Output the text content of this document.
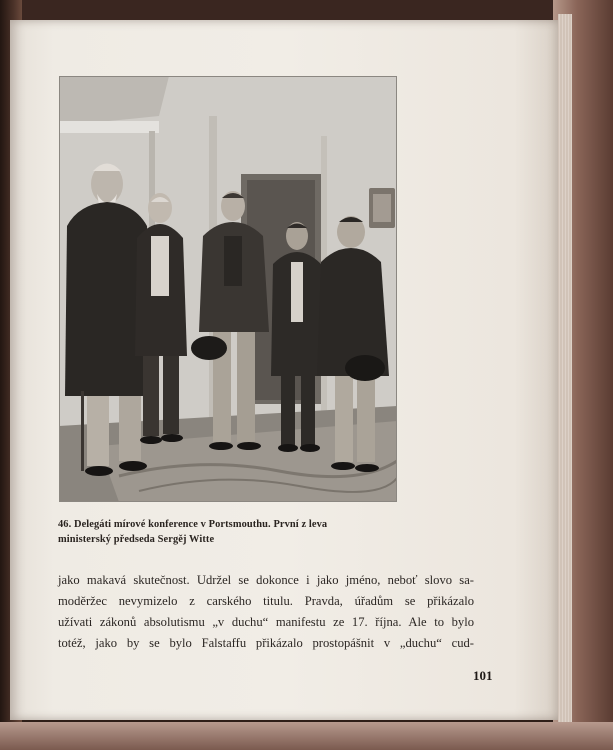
46. Delegáti mírové konference v Portsmouthu. První z leva
ministerský předseda Sergěj Witte

jako makavá skutečnost. Udržel se dokonce i jako jméno, neboť slovo sa-
moděržec nevymizelo z carského titulu. Pravda, úřadům se přikázalo
užívati zákonů absolutismu „v duchu“ manifestu ze 17. října. Ale to bylo
totéž, jako by se bylo Falstaffu přikázalo prostopášnit v „duchu“ cud-

101
